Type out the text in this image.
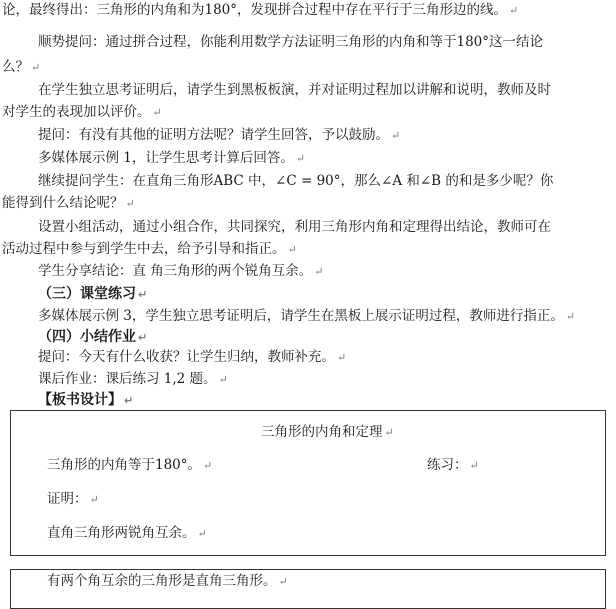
论，最终得出：三角形的内角和为180°，发现拼合过程中存在平行于三角形边的线。 ↵
顺势提问：通过拼合过程，你能利用数学方法证明三角形的内角和等于180°这一结论
么？ ↵
在学生独立思考证明后，请学生到黑板板演，并对证明过程加以讲解和说明，教师及时
对学生的表现加以评价。 ↵
提问：有没有其他的证明方法呢？请学生回答，予以鼓励。 ↵
多媒体展示例 1，让学生思考计算后回答。 ↵
继续提问学生：在直角三角形ABC 中，∠C = 90°，那么∠A 和∠B 的和是多少呢？你
能得到什么结论呢？ ↵
设置小组活动，通过小组合作，共同探究，利用三角形内角和定理得出结论，教师可在
活动过程中参与到学生中去，给予引导和指正。 ↵
学生分享结论：直 角三角形的两个锐角互余。 ↵
（三）课堂练习 ↵
多媒体展示例 3，学生独立思考证明后，请学生在黑板上展示证明过程，教师进行指正。 ↵
（四）小结作业 ↵
提问：今天有什么收获？让学生归纳，教师补充。 ↵
课后作业：课后练习 1,2 题。 ↵
【板书设计】 ↵
三角形的内角和定理 ↵
三角形的内角等于180°。 ↵	练习： ↵
证明： ↵
直角三角形两锐角互余。 ↵
有两个角互余的三角形是直角三角形。 ↵
